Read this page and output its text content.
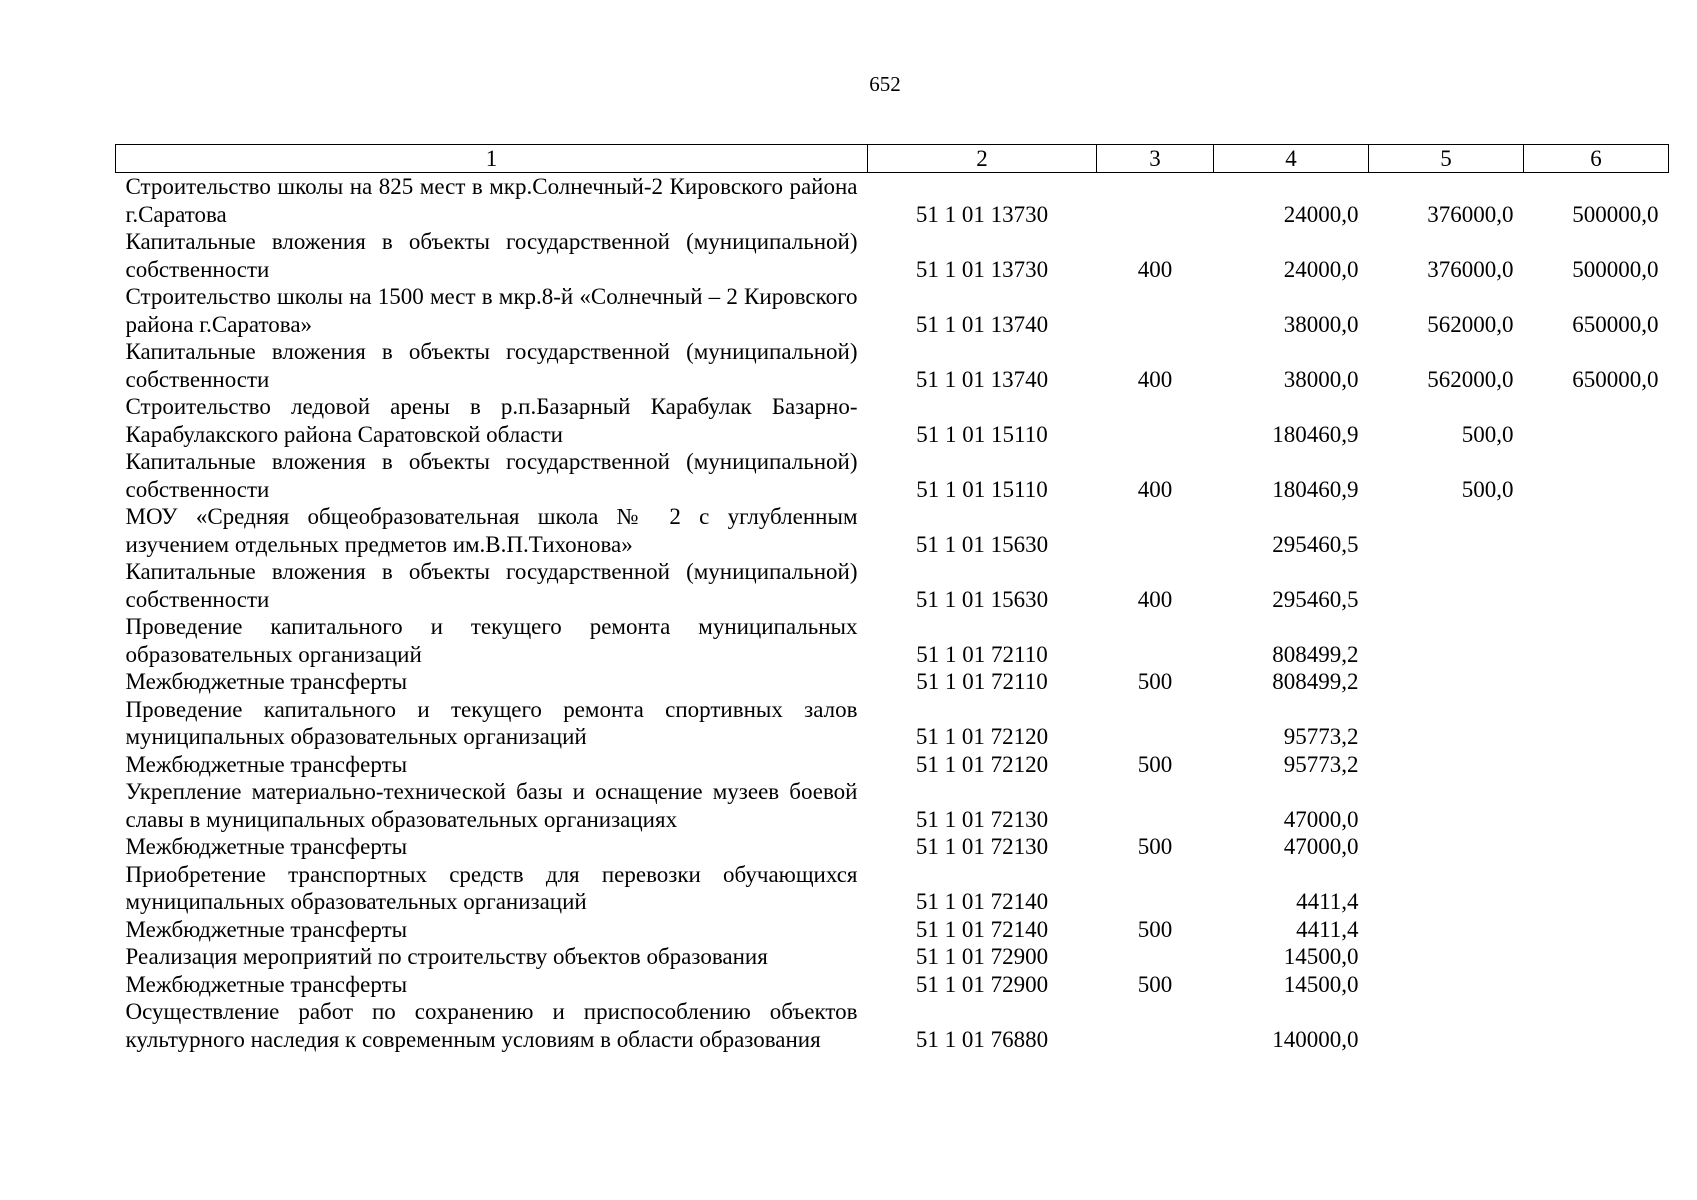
652
1	2	3	4	5	6
Строительство школы на 825 мест в мкр.Солнечный-2 Кировского района г.Саратова	51 1 01 13730		24000,0	376000,0	500000,0
Капитальные вложения в объекты государственной (муниципальной) собственности	51 1 01 13730	400	24000,0	376000,0	500000,0
Строительство школы на 1500 мест в мкр.8-й «Солнечный – 2 Кировского района г.Саратова»	51 1 01 13740		38000,0	562000,0	650000,0
Капитальные вложения в объекты государственной (муниципальной) собственности	51 1 01 13740	400	38000,0	562000,0	650000,0
Строительство ледовой арены в р.п.Базарный Карабулак Базарно-Карабулакского района Саратовской области	51 1 01 15110		180460,9	500,0	
Капитальные вложения в объекты государственной (муниципальной) собственности	51 1 01 15110	400	180460,9	500,0	
МОУ «Средняя общеобразовательная школа № 2 с углубленным изучением отдельных предметов им.В.П.Тихонова»	51 1 01 15630		295460,5		
Капитальные вложения в объекты государственной (муниципальной) собственности	51 1 01 15630	400	295460,5		
Проведение капитального и текущего ремонта муниципальных образовательных организаций	51 1 01 72110		808499,2		
Межбюджетные трансферты	51 1 01 72110	500	808499,2		
Проведение капитального и текущего ремонта спортивных залов муниципальных образовательных организаций	51 1 01 72120		95773,2		
Межбюджетные трансферты	51 1 01 72120	500	95773,2		
Укрепление материально-технической базы и оснащение музеев боевой славы в муниципальных образовательных организациях	51 1 01 72130		47000,0		
Межбюджетные трансферты	51 1 01 72130	500	47000,0		
Приобретение транспортных средств для перевозки обучающихся муниципальных образовательных организаций	51 1 01 72140		4411,4		
Межбюджетные трансферты	51 1 01 72140	500	4411,4		
Реализация мероприятий по строительству объектов образования	51 1 01 72900		14500,0		
Межбюджетные трансферты	51 1 01 72900	500	14500,0		
Осуществление работ по сохранению и приспособлению объектов культурного наследия к современным условиям в области образования	51 1 01 76880		140000,0		
